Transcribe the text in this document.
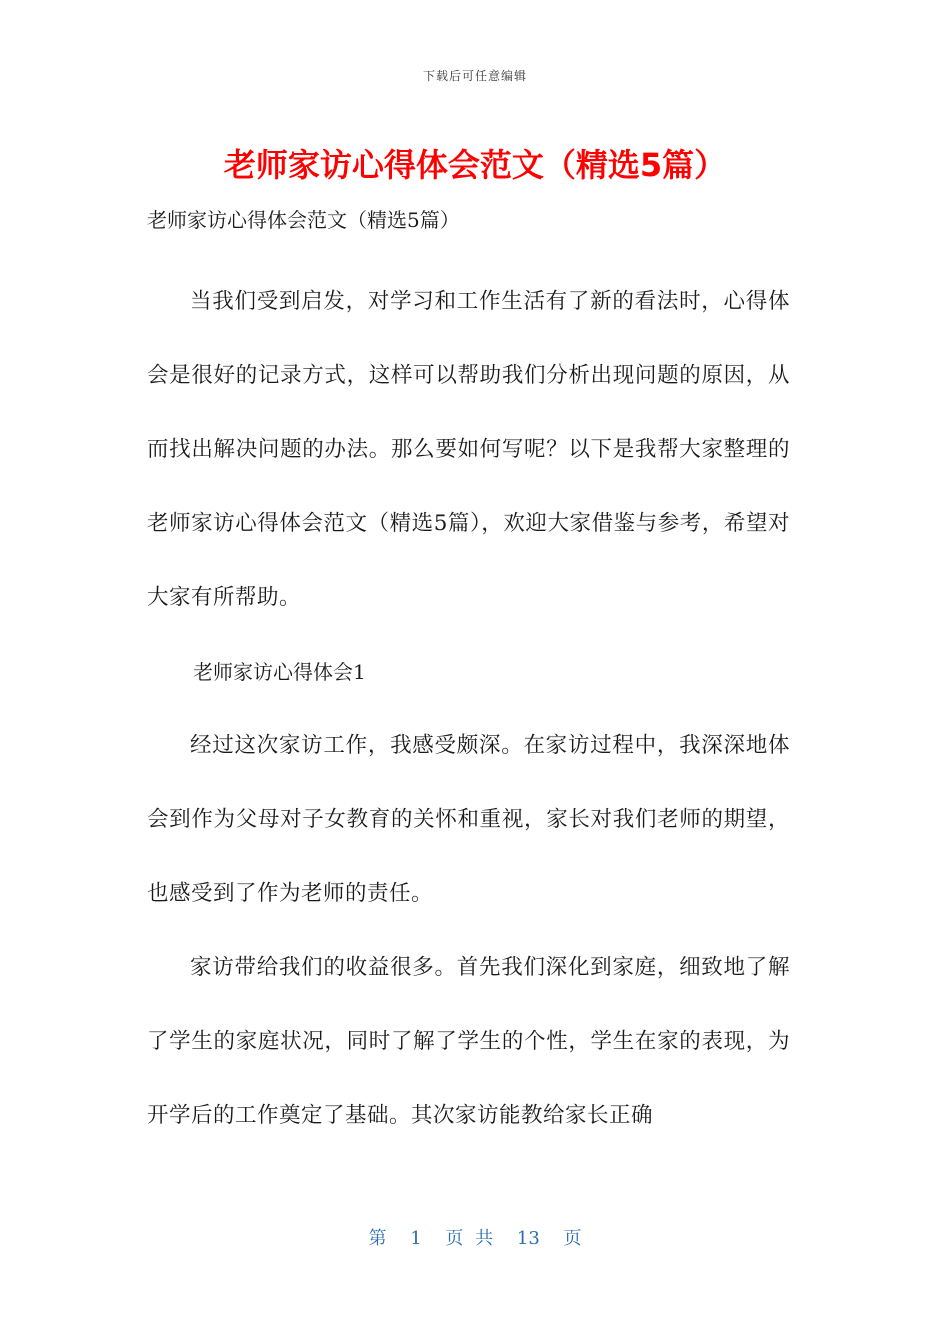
下载后可任意编辑
老师家访心得体会范文（精选5篇）

老师家访心得体会范文（精选5篇）

当我们受到启发，对学习和工作生活有了新的看法时，心得体会是很好的记录方式，这样可以帮助我们分析出现问题的原因，从而找出解决问题的办法。那么要如何写呢？以下是我帮大家整理的老师家访心得体会范文（精选5篇），欢迎大家借鉴与参考，希望对大家有所帮助。

老师家访心得体会1

经过这次家访工作，我感受颇深。在家访过程中，我深深地体会到作为父母对子女教育的关怀和重视，家长对我们老师的期望，也感受到了作为老师的责任。

家访带给我们的收益很多。首先我们深化到家庭，细致地了解了学生的家庭状况，同时了解了学生的个性，学生在家的表现，为开学后的工作奠定了基础。其次家访能教给家长正确

第 1 页 共 13 页
